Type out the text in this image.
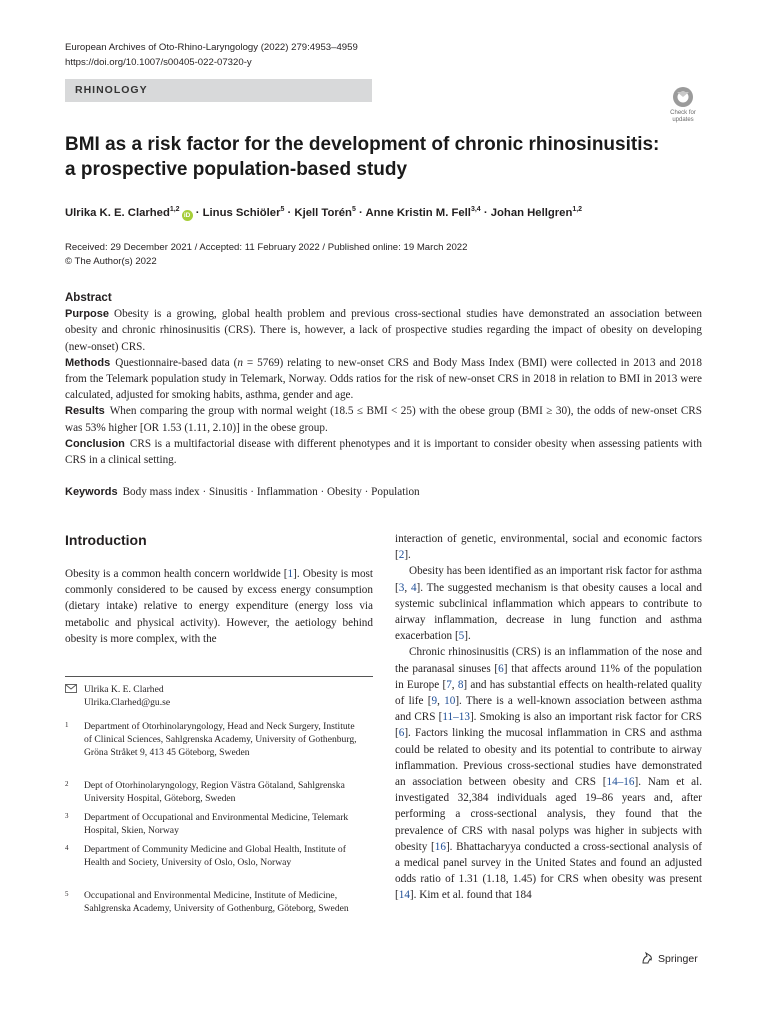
European Archives of Oto-Rhino-Laryngology (2022) 279:4953–4959
https://doi.org/10.1007/s00405-022-07320-y
RHINOLOGY
Check for
updates
BMI as a risk factor for the development of chronic rhinosinusitis:
a prospective population-based study
Ulrika K. E. Clarhed$^{1,2}$iD · Linus Schiöler$^5$ · Kjell Torén$^5$ · Anne Kristin M. Fell$^{3,4}$ · Johan Hellgren$^{1,2}$
Received: 29 December 2021 / Accepted: 11 February 2022 / Published online: 19 March 2022
© The Author(s) 2022
Abstract

Purpose Obesity is a growing, global health problem and previous cross-sectional studies have demonstrated an association between obesity and chronic rhinosinusitis (CRS). There is, however, a lack of prospective studies regarding the impact of obesity on developing (new-onset) CRS.

Methods Questionnaire-based data (n = 5769) relating to new-onset CRS and Body Mass Index (BMI) were collected in 2013 and 2018 from the Telemark population study in Telemark, Norway. Odds ratios for the risk of new-onset CRS in 2018 in relation to BMI in 2013 were calculated, adjusted for smoking habits, asthma, gender and age.

Results When comparing the group with normal weight (18.5 ≤ BMI < 25) with the obese group (BMI ≥ 30), the odds of new-onset CRS was 53% higher [OR 1.53 (1.11, 2.10)] in the obese group.

Conclusion CRS is a multifactorial disease with different phenotypes and it is important to consider obesity when assessing patients with CRS in a clinical setting.

Keywords Body mass index · Sinusitis · Inflammation · Obesity · Population
Introduction

Obesity is a common health concern worldwide [1]. Obesity is most commonly considered to be caused by excess energy consumption (dietary intake) relative to energy expenditure (energy loss via metabolic and physical activity). However, the aetiology behind obesity is more complex, with the

interaction of genetic, environmental, social and economic factors [2].

Obesity has been identified as an important risk factor for asthma [3, 4]. The suggested mechanism is that obesity causes a local and systemic subclinical inflammation which appears to contribute to airway inflammation, decrease in lung function and asthma exacerbation [5].

Chronic rhinosinusitis (CRS) is an inflammation of the nose and the paranasal sinuses [6] that affects around 11% of the population in Europe [7, 8] and has substantial effects on health-related quality of life [9, 10]. There is a well-known association between asthma and CRS [11–13]. Smoking is also an important risk factor for CRS [6]. Factors linking the mucosal inflammation in CRS and asthma could be related to obesity and its potential to contribute to airway inflammation. Previous cross-sectional studies have demonstrated an association between obesity and CRS [14–16]. Nam et al. investigated 32,384 individuals aged 19–86 years and, after performing a cross-sectional analysis, they found that the prevalence of CRS with nasal polyps was higher in subjects with obesity [16]. Bhattacharyya conducted a cross-sectional analysis of a medical panel survey in the United States and found an adjusted odds ratio of 1.31 (1.18, 1.45) for CRS when obesity was present [14]. Kim et al. found that 184

Ulrika K. E. Clarhed
Ulrika.Clarhed@gu.se
1 Department of Otorhinolaryngology, Head and Neck Surgery, Institute of Clinical Sciences, Sahlgrenska Academy, University of Gothenburg, Gröna Stråket 9, 413 45 Göteborg, Sweden
2 Dept of Otorhinolaryngology, Region Västra Götaland, Sahlgrenska University Hospital, Göteborg, Sweden
3 Department of Occupational and Environmental Medicine, Telemark Hospital, Skien, Norway
4 Department of Community Medicine and Global Health, Institute of Health and Society, University of Oslo, Oslo, Norway
5 Occupational and Environmental Medicine, Institute of Medicine, Sahlgrenska Academy, University of Gothenburg, Göteborg, Sweden
Springer
